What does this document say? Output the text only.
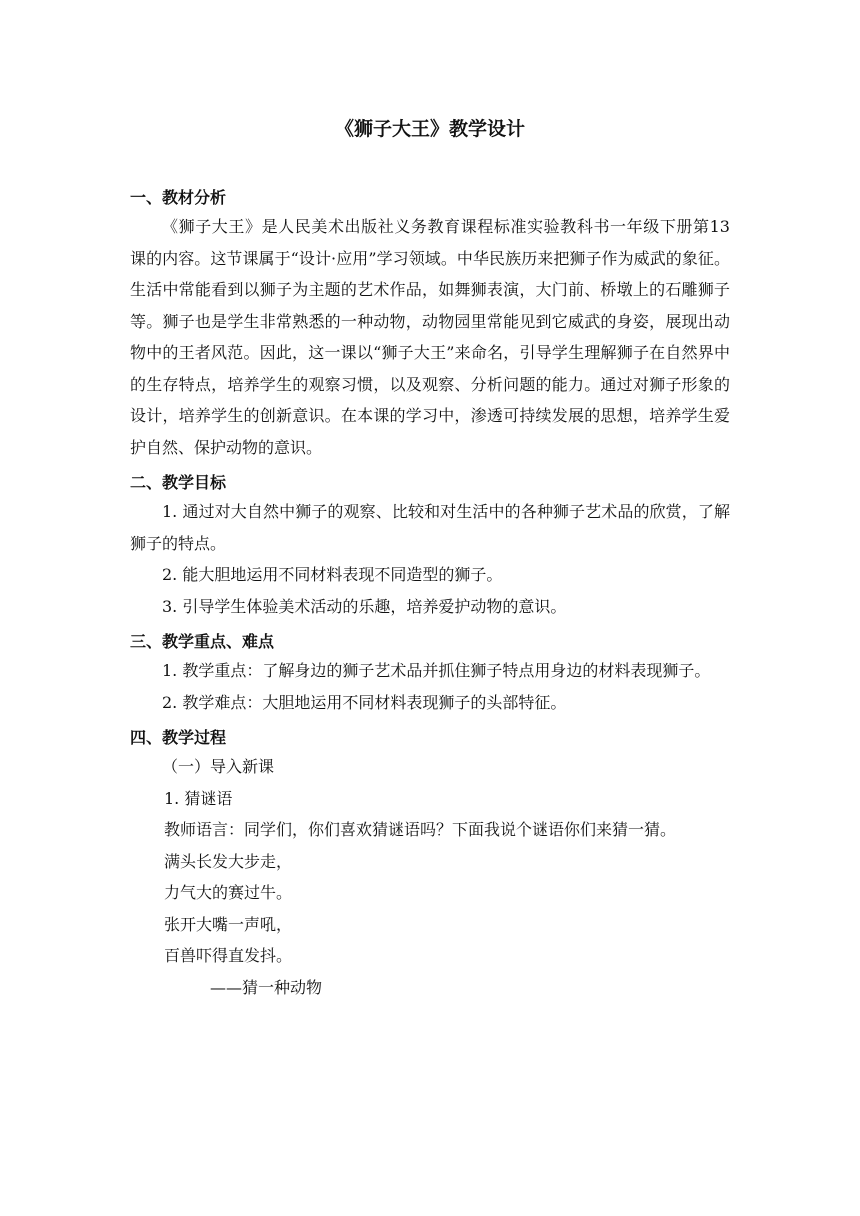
《狮子大王》教学设计
一、教材分析

《狮子大王》是人民美术出版社义务教育课程标准实验教科书一年级下册第13 课的内容。这节课属于“设计·应用”学习领域。中华民族历来把狮子作为威武的象征。生活中常能看到以狮子为主题的艺术作品，如舞狮表演，大门前、桥墩上的石雕狮子等。狮子也是学生非常熟悉的一种动物，动物园里常能见到它威武的身姿，展现出动物中的王者风范。因此，这一课以“狮子大王”来命名，引导学生理解狮子在自然界中的生存特点，培养学生的观察习惯，以及观察、分析问题的能力。通过对狮子形象的设计，培养学生的创新意识。在本课的学习中，渗透可持续发展的思想，培养学生爱护自然、保护动物的意识。

二、教学目标

1. 通过对大自然中狮子的观察、比较和对生活中的各种狮子艺术品的欣赏，了解狮子的特点。

2. 能大胆地运用不同材料表现不同造型的狮子。

3. 引导学生体验美术活动的乐趣，培养爱护动物的意识。

三、教学重点、难点

1. 教学重点：了解身边的狮子艺术品并抓住狮子特点用身边的材料表现狮子。

2. 教学难点：大胆地运用不同材料表现狮子的头部特征。

四、教学过程

（一）导入新课

1. 猜谜语

教师语言：同学们，你们喜欢猜谜语吗？下面我说个谜语你们来猜一猜。

满头长发大步走，

力气大的赛过牛。

张开大嘴一声吼，

百兽吓得直发抖。

——猜一种动物
